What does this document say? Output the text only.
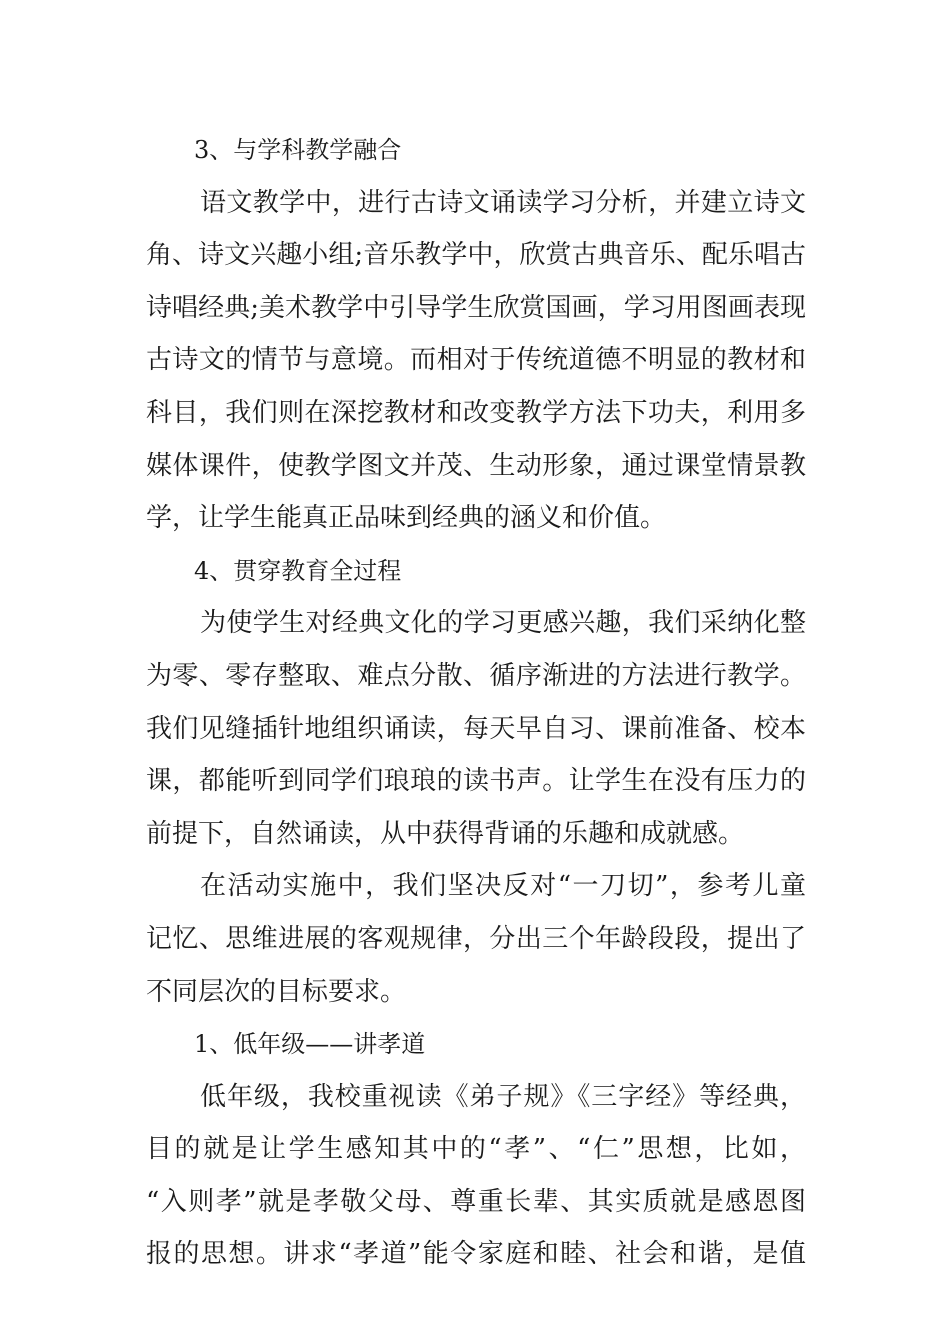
3、与学科教学融合
语文教学中，进行古诗文诵读学习分析，并建立诗文
角、诗文兴趣小组;音乐教学中，欣赏古典音乐、配乐唱古
诗唱经典;美术教学中引导学生欣赏国画，学习用图画表现
古诗文的情节与意境。而相对于传统道德不明显的教材和
科目，我们则在深挖教材和改变教学方法下功夫，利用多
媒体课件，使教学图文并茂、生动形象，通过课堂情景教
学，让学生能真正品味到经典的涵义和价值。
4、贯穿教育全过程
为使学生对经典文化的学习更感兴趣，我们采纳化整
为零、零存整取、难点分散、循序渐进的方法进行教学。
我们见缝插针地组织诵读，每天早自习、课前准备、校本
课，都能听到同学们琅琅的读书声。让学生在没有压力的
前提下，自然诵读，从中获得背诵的乐趣和成就感。
在活动实施中，我们坚决反对“一刀切”，参考儿童
记忆、思维进展的客观规律，分出三个年龄段段，提出了
不同层次的目标要求。
1、低年级——讲孝道
低年级，我校重视读《弟子规》《三字经》等经典，
目的就是让学生感知其中的“孝”、“仁”思想，比如，
“入则孝”就是孝敬父母、尊重长辈、其实质就是感恩图
报的思想。讲求“孝道”能令家庭和睦、社会和谐，是值
